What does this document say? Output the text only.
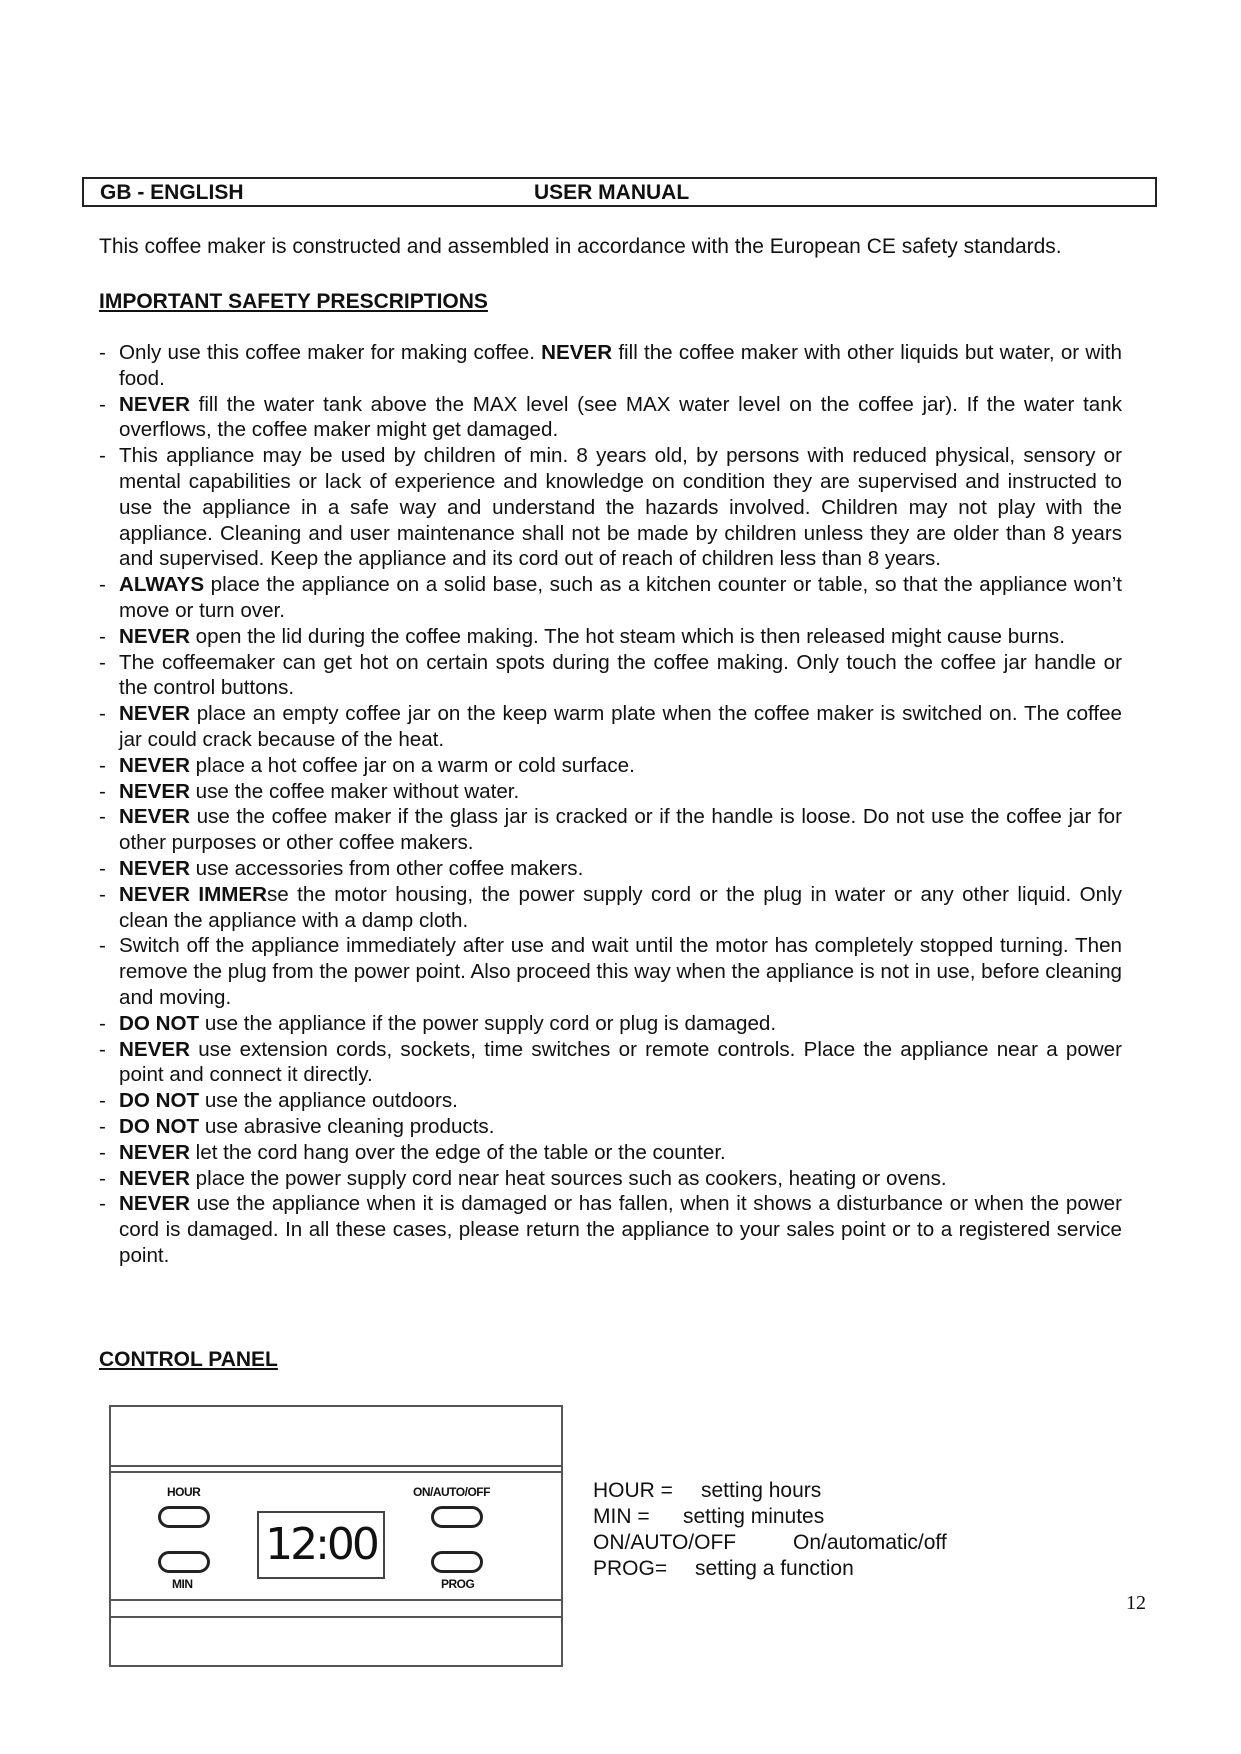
GB - ENGLISH	USER MANUAL
This coffee maker is constructed and assembled in accordance with the European CE safety standards.
IMPORTANT SAFETY PRESCRIPTIONS
- Only use this coffee maker for making coffee. NEVER fill the coffee maker with other liquids but water, or with food.
- NEVER fill the water tank above the MAX level (see MAX water level on the coffee jar). If the water tank overflows, the coffee maker might get damaged.
- This appliance may be used by children of min. 8 years old, by persons with reduced physical, sensory or mental capabilities or lack of experience and knowledge on condition they are supervised and instructed to use the appliance in a safe way and understand the hazards involved. Children may not play with the appliance. Cleaning and user maintenance shall not be made by children unless they are older than 8 years and supervised. Keep the appliance and its cord out of reach of children less than 8 years.
- ALWAYS place the appliance on a solid base, such as a kitchen counter or table, so that the appliance won’t move or turn over.
- NEVER open the lid during the coffee making. The hot steam which is then released might cause burns.
- The coffeemaker can get hot on certain spots during the coffee making. Only touch the coffee jar handle or the control buttons.
- NEVER place an empty coffee jar on the keep warm plate when the coffee maker is switched on. The coffee jar could crack because of the heat.
- NEVER place a hot coffee jar on a warm or cold surface.
- NEVER use the coffee maker without water.
- NEVER use the coffee maker if the glass jar is cracked or if the handle is loose. Do not use the coffee jar for other purposes or other coffee makers.
- NEVER use accessories from other coffee makers.
- NEVER IMMERse the motor housing, the power supply cord or the plug in water or any other liquid. Only clean the appliance with a damp cloth.
- Switch off the appliance immediately after use and wait until the motor has completely stopped turning. Then remove the plug from the power point. Also proceed this way when the appliance is not in use, before cleaning and moving.
- DO NOT use the appliance if the power supply cord or plug is damaged.
- NEVER use extension cords, sockets, time switches or remote controls. Place the appliance near a power point and connect it directly.
- DO NOT use the appliance outdoors.
- DO NOT use abrasive cleaning products.
- NEVER let the cord hang over the edge of the table or the counter.
- NEVER place the power supply cord near heat sources such as cookers, heating or ovens.
- NEVER use the appliance when it is damaged or has fallen, when it shows a disturbance or when the power cord is damaged. In all these cases, please return the appliance to your sales point or to a registered service point.
CONTROL PANEL
HOUR
MIN
12:00
ON/AUTO/OFF
PROG
HOUR = setting hours
MIN = setting minutes
ON/AUTO/OFF	On/automatic/off
PROG= setting a function
12
